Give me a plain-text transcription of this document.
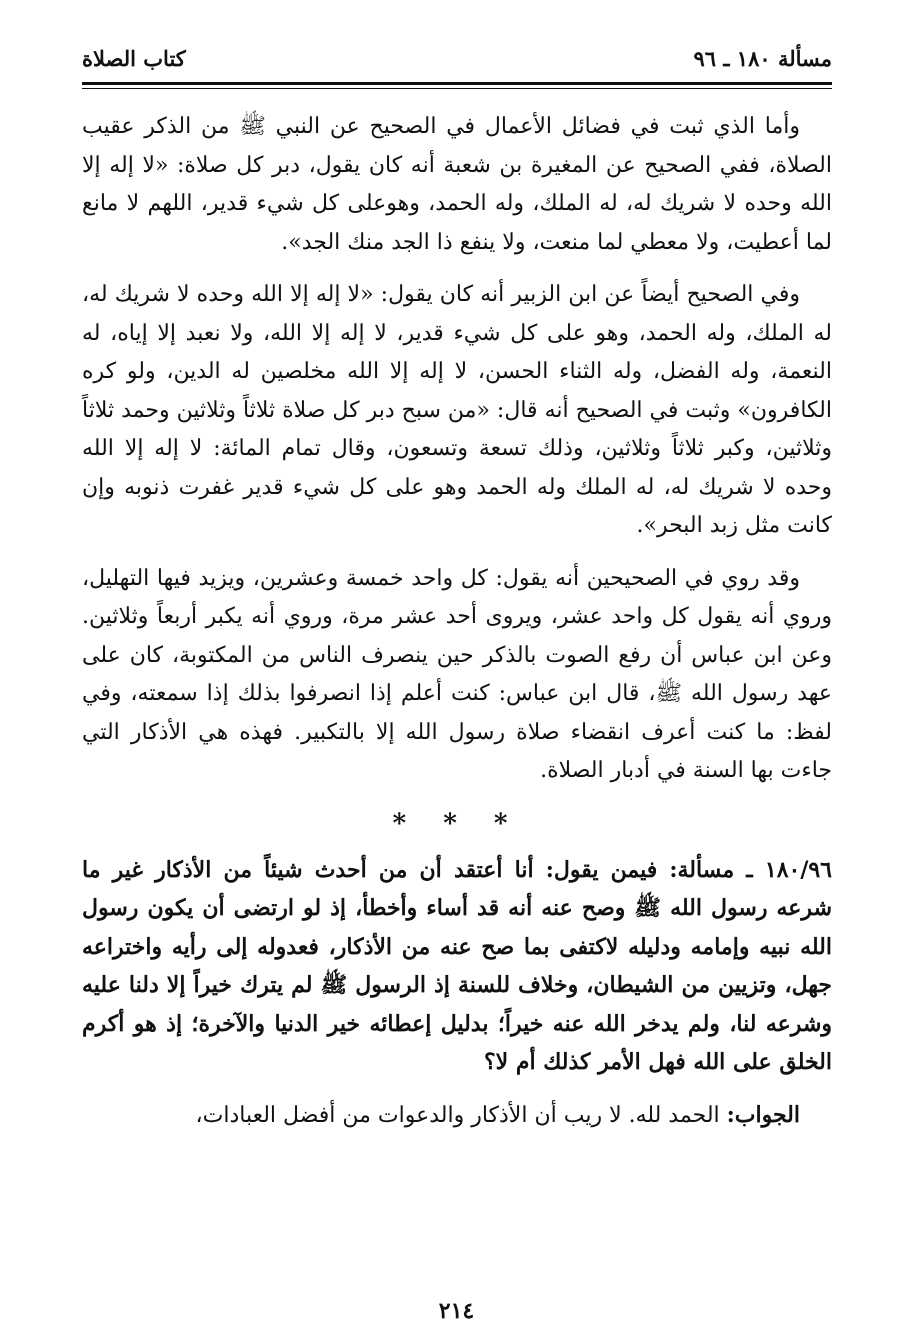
مسألة ١٨٠ ـ ٩٦
كتاب الصلاة

وأما الذي ثبت في فضائل الأعمال في الصحيح عن النبي ﷺ من الذكر عقيب الصلاة، ففي الصحيح عن المغيرة بن شعبة أنه كان يقول، دبر كل صلاة: «لا إله إلا الله وحده لا شريك له، له الملك، وله الحمد، وهوعلى كل شيء قدير، اللهم لا مانع لما أعطيت، ولا معطي لما منعت، ولا ينفع ذا الجد منك الجد».

وفي الصحيح أيضاً عن ابن الزبير أنه كان يقول: «لا إله إلا الله وحده لا شريك له، له الملك، وله الحمد، وهو على كل شيء قدير، لا إله إلا الله، ولا نعبد إلا إياه، له النعمة، وله الفضل، وله الثناء الحسن، لا إله إلا الله مخلصين له الدين، ولو كره الكافرون» وثبت في الصحيح أنه قال: «من سبح دبر كل صلاة ثلاثاً وثلاثين وحمد ثلاثاً وثلاثين، وكبر ثلاثاً وثلاثين، وذلك تسعة وتسعون، وقال تمام المائة: لا إله إلا الله وحده لا شريك له، له الملك وله الحمد وهو على كل شيء قدير غفرت ذنوبه وإن كانت مثل زبد البحر».

وقد روي في الصحيحين أنه يقول: كل واحد خمسة وعشرين، ويزيد فيها التهليل، وروي أنه يقول كل واحد عشر، ويروى أحد عشر مرة، وروي أنه يكبر أربعاً وثلاثين. وعن ابن عباس أن رفع الصوت بالذكر حين ينصرف الناس من المكتوبة، كان على عهد رسول الله ﷺ، قال ابن عباس: كنت أعلم إذا انصرفوا بذلك إذا سمعته، وفي لفظ: ما كنت أعرف انقضاء صلاة رسول الله إلا بالتكبير. فهذه هي الأذكار التي جاءت بها السنة في أدبار الصلاة.

* * *

١٨٠/٩٦ ـ مسألة: فيمن يقول: أنا أعتقد أن من أحدث شيئاً من الأذكار غير ما شرعه رسول الله ﷺ وصح عنه أنه قد أساء وأخطأ، إذ لو ارتضى أن يكون رسول الله نبيه وإمامه ودليله لاكتفى بما صح عنه من الأذكار، فعدوله إلى رأيه واختراعه جهل، وتزيين من الشيطان، وخلاف للسنة إذ الرسول ﷺ لم يترك خيراً إلا دلنا عليه وشرعه لنا، ولم يدخر الله عنه خيراً؛ بدليل إعطائه خير الدنيا والآخرة؛ إذ هو أكرم الخلق على الله فهل الأمر كذلك أم لا؟

الجواب: الحمد لله. لا ريب أن الأذكار والدعوات من أفضل العبادات،

٢١٤
